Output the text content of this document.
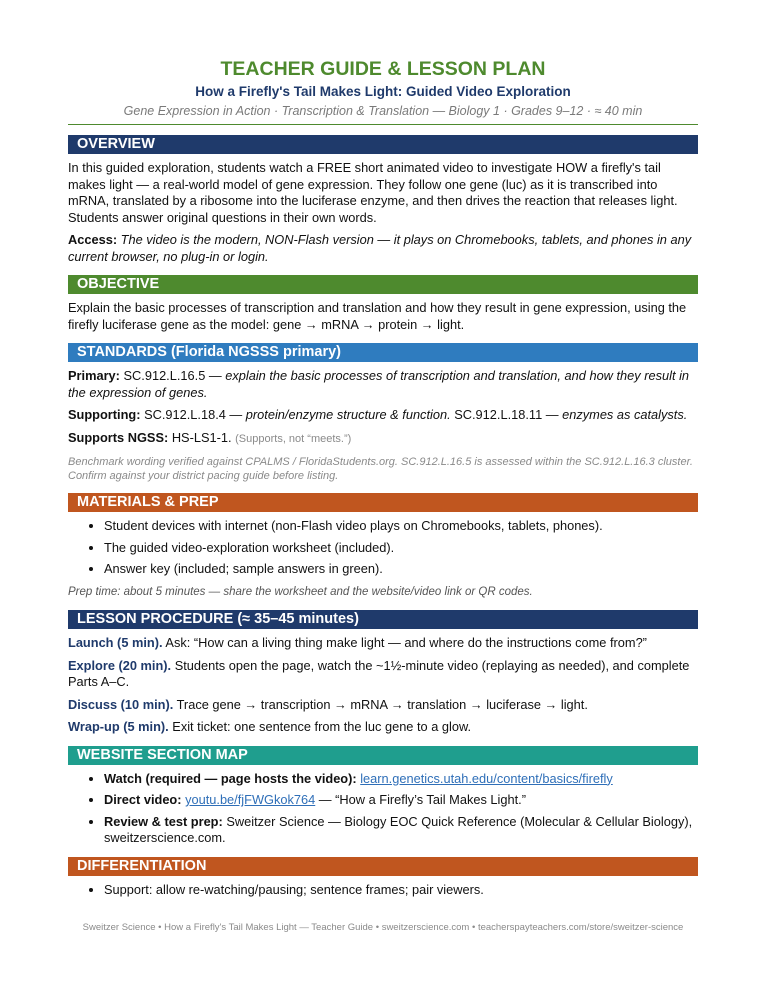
TEACHER GUIDE & LESSON PLAN
How a Firefly's Tail Makes Light: Guided Video Exploration
Gene Expression in Action · Transcription & Translation — Biology 1 · Grades 9–12 · ≈ 40 min
OVERVIEW

In this guided exploration, students watch a FREE short animated video to investigate HOW a firefly's tail makes light — a real-world model of gene expression. They follow one gene (luc) as it is transcribed into mRNA, translated by a ribosome into the luciferase enzyme, and then drives the reaction that releases light. Students answer original questions in their own words.

Access: The video is the modern, NON-Flash version — it plays on Chromebooks, tablets, and phones in any current browser, no plug-in or login.

OBJECTIVE

Explain the basic processes of transcription and translation and how they result in gene expression, using the firefly luciferase gene as the model: gene → mRNA → protein → light.

STANDARDS (Florida NGSSS primary)

Primary: SC.912.L.16.5 — explain the basic processes of transcription and translation, and how they result in the expression of genes.

Supporting: SC.912.L.18.4 — protein/enzyme structure & function. SC.912.L.18.11 — enzymes as catalysts.

Supports NGSS: HS-LS1-1. (Supports, not “meets.”)

Benchmark wording verified against CPALMS / FloridaStudents.org. SC.912.L.16.5 is assessed within the SC.912.L.16.3 cluster. Confirm against your district pacing guide before listing.

MATERIALS & PREP
• Student devices with internet (non-Flash video plays on Chromebooks, tablets, phones).
• The guided video-exploration worksheet (included).
• Answer key (included; sample answers in green).

Prep time: about 5 minutes — share the worksheet and the website/video link or QR codes.

LESSON PROCEDURE (≈ 35–45 minutes)

Launch (5 min). Ask: “How can a living thing make light — and where do the instructions come from?”

Explore (20 min). Students open the page, watch the ~1½-minute video (replaying as needed), and complete Parts A–C.

Discuss (10 min). Trace gene → transcription → mRNA → translation → luciferase → light.

Wrap-up (5 min). Exit ticket: one sentence from the luc gene to a glow.

WEBSITE SECTION MAP
• Watch (required — page hosts the video): learn.genetics.utah.edu/content/basics/firefly
• Direct video: youtu.be/fjFWGkok764 — “How a Firefly’s Tail Makes Light.”
• Review & test prep: Sweitzer Science — Biology EOC Quick Reference (Molecular & Cellular Biology), sweitzerscience.com.
DIFFERENTIATION
• Support: allow re-watching/pausing; sentence frames; pair viewers.
Sweitzer Science • How a Firefly's Tail Makes Light — Teacher Guide • sweitzerscience.com • teacherspayteachers.com/store/sweitzer-science
